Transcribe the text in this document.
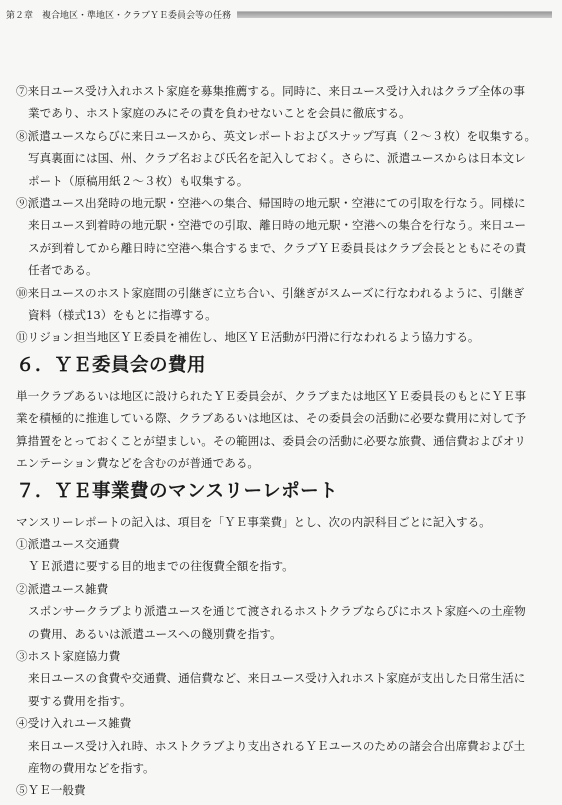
第２章　複合地区・準地区・クラブＹＥ委員会等の任務
⑦来日ユース受け入れホスト家庭を募集推薦する。同時に、来日ユース受け入れはクラブ全体の事
業であり、ホスト家庭のみにその責を負わせないことを会員に徹底する。
⑧派遣ユースならびに来日ユースから、英文レポートおよびスナップ写真（２～３枚）を収集する。
写真裏面には国、州、クラブ名および氏名を記入しておく。さらに、派遣ユースからは日本文レ
ポート（原稿用紙２～３枚）も収集する。
⑨派遣ユース出発時の地元駅・空港への集合、帰国時の地元駅・空港にての引取を行なう。同様に
来日ユース到着時の地元駅・空港での引取、離日時の地元駅・空港への集合を行なう。来日ユー
スが到着してから離日時に空港へ集合するまで、クラブＹＥ委員長はクラブ会長とともにその責
任者である。
⑩来日ユースのホスト家庭間の引継ぎに立ち合い、引継ぎがスムーズに行なわれるように、引継ぎ
資料（様式13）をもとに指導する。
⑪リジョン担当地区ＹＥ委員を補佐し、地区ＹＥ活動が円滑に行なわれるよう協力する。
６．ＹＥ委員会の費用
単一クラブあるいは地区に設けられたＹＥ委員会が、クラブまたは地区ＹＥ委員長のもとにＹＥ事
業を積極的に推進している際、クラブあるいは地区は、その委員会の活動に必要な費用に対して予
算措置をとっておくことが望ましい。その範囲は、委員会の活動に必要な旅費、通信費およびオリ
エンテーション費などを含むのが普通である。
７．ＹＥ事業費のマンスリーレポート
マンスリーレポートの記入は、項目を「ＹＥ事業費」とし、次の内訳科目ごとに記入する。
①派遣ユース交通費
ＹＥ派遣に要する目的地までの往復費全額を指す。
②派遣ユース雑費
スポンサークラブより派遣ユースを通じて渡されるホストクラブならびにホスト家庭への土産物
の費用、あるいは派遣ユースへの餞別費を指す。
③ホスト家庭協力費
来日ユースの食費や交通費、通信費など、来日ユース受け入れホスト家庭が支出した日常生活に
要する費用を指す。
④受け入れユース雑費
来日ユース受け入れ時、ホストクラブより支出されるＹＥユースのための諸会合出席費および土
産物の費用などを指す。
⑤ＹＥ一般費
